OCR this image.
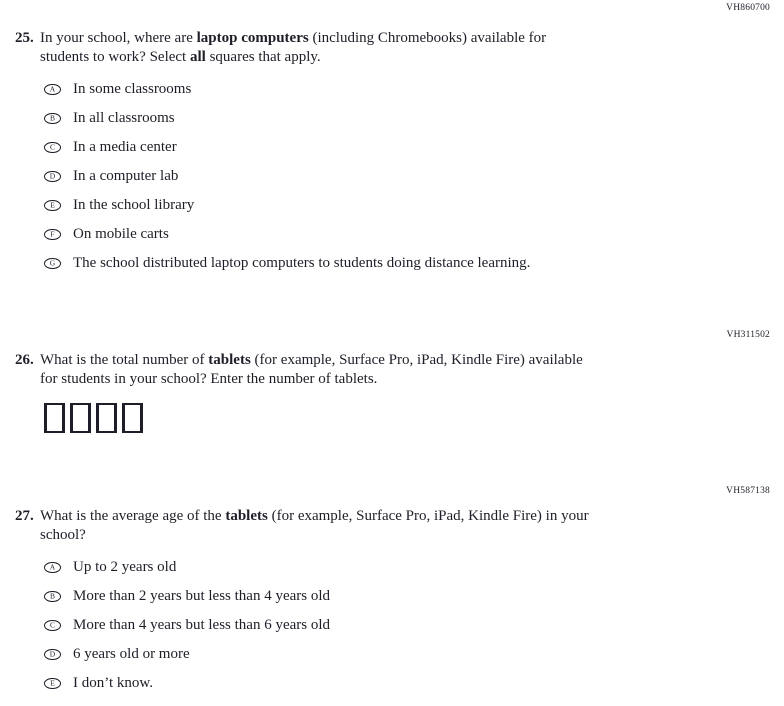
VH860700
25. In your school, where are laptop computers (including Chromebooks) available for
students to work? Select all squares that apply.
A In some classrooms
B In all classrooms
C In a media center
D In a computer lab
E In the school library
F On mobile carts
G The school distributed laptop computers to students doing distance learning.
VH311502
26. What is the total number of tablets (for example, Surface Pro, iPad, Kindle Fire) available
for students in your school? Enter the number of tablets.
VH587138
27. What is the average age of the tablets (for example, Surface Pro, iPad, Kindle Fire) in your
school?
A Up to 2 years old
B More than 2 years but less than 4 years old
C More than 4 years but less than 6 years old
D 6 years old or more
E I don’t know.
